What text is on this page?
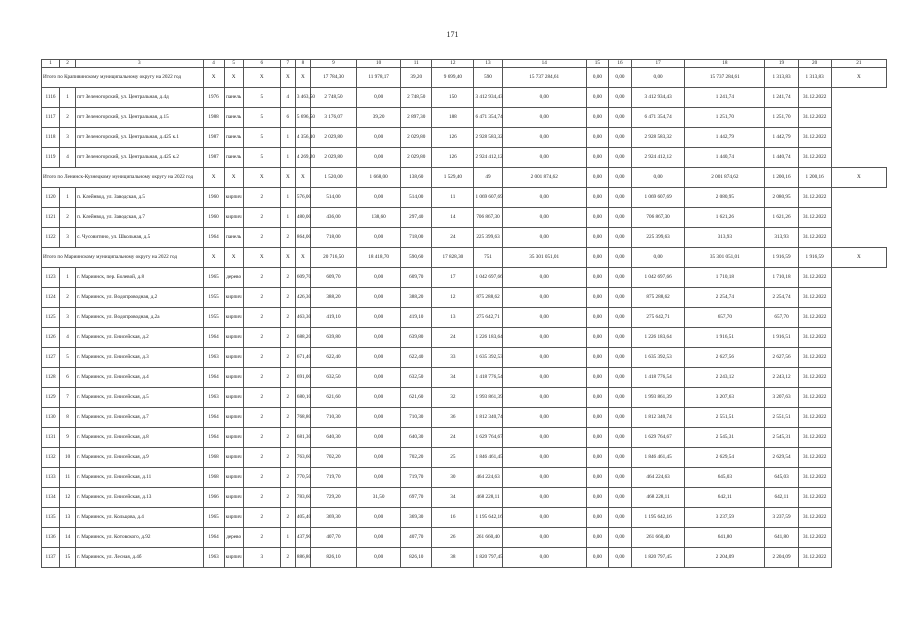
171
1	2	3	4	5	6	7	8	9	10	11	12	13	14	15	16	17	18	19	20	21
Итого по Крапивинскому муниципальному округу на 2022 год			X	X	X	X	X	17 784,30	11 978,17	39,20	9 699,40	590	15 737 284,61	0,00	0,00	0,00	15 737 284,61	1 313,83	1 313,83	X
1116	1	пгт Зеленогорский, ул. Центральная, д.4д	1976	панель	5	4	3 463,50	2 748,50	0,00	2 748,50	150	3 412 934,43	0,00	0,00	0,00	3 412 934,43	1 241,74	1 241,74	31.12.2022	
1117	2	пгт Зеленогорский, ул. Центральная, д.15	1988	панель	5	6	5 696,50	3 176,07	39,20	2 897,30	188	6 471 354,74	0,00	0,00	0,00	6 471 354,74	1 251,70	1 251,70	31.12.2022	
1118	3	пгт Зеленогорский, ул. Центральная, д.425 к.1	1987	панель	5	1	4 356,10	2 029,80	0,00	2 029,80	126	2 928 583,32	0,00	0,00	0,00	2 928 583,32	1 442,79	1 442,79	31.12.2022	
1119	4	пгт Зеленогорский, ул. Центральная, д.425 к.2	1987	панель	5	1	4 269,20	2 029,80	0,00	2 029,80	126	2 924 412,12	0,00	0,00	0,00	2 924 412,12	1 440,74	1 440,74	31.12.2022	
Итого по Ленинск-Кузнецкому муниципальному округу на 2022 год			X	X	X	X	X	1 520,00	1 668,00	138,60	1 529,40	49	2 001 874,62	0,00	0,00	0,00	2 001 874,62	1 200,16	1 200,16	X
1120	1	п. Клейнвод, ул. Заводская, д.5	1960	кирпич	2	1	576,00	514,00	0,00	514,00	11	1 069 607,69	0,00	0,00	0,00	1 069 607,69	2 080,95	2 080,95	31.12.2022	
1121	2	п. Клейнвод, ул. Заводская, д.7	1960	кирпич	2	1	480,00	436,00	138,60	297,40	14	706 867,30	0,00	0,00	0,00	706 867,30	1 621,26	1 621,26	31.12.2022	
1122	3	с. Чусовитино, ул. Школьная, д.5	1964	панель	2	2	864,00	718,00	0,00	718,00	24	225 399,63	0,00	0,00	0,00	225 399,63	313,93	313,93	31.12.2022	
Итого по Мариинскому муниципальному округу на 2022 год			X	X	X	X	X	20 716,50	18 418,70	590,60	17 828,30	751	35 301 051,01	0,00	0,00	0,00	35 301 051,01	1 916,59	1 916,59	X
1123	1	г. Мариинск, пер. Болевой, д.8	1965	дерево	2	2	609,70	609,70	0,00	609,70	17	1 042 697,66	0,00	0,00	0,00	1 042 697,66	1 710,18	1 710,18	31.12.2022	
1124	2	г. Мариинск, ул. Водопроводная, д.2	1955	кирпич	2	2	426,30	388,20	0,00	388,20	12	875 288,62	0,00	0,00	0,00	875 288,62	2 254,74	2 254,74	31.12.2022	
1125	3	г. Мариинск, ул. Водопроводная, д.2а	1955	кирпич	2	2	463,30	419,10	0,00	419,10	13	275 642,71	0,00	0,00	0,00	275 642,71	657,70	657,70	31.12.2022	
1126	4	г. Мариинск, ул. Енисейская, д.2	1964	кирпич	2	2	688,20	639,80	0,00	639,80	24	1 226 183,64	0,00	0,00	0,00	1 226 183,64	1 916,51	1 916,51	31.12.2022	
1127	5	г. Мариинск, ул. Енисейская, д.3	1963	кирпич	2	2	671,40	622,40	0,00	622,40	33	1 635 392,53	0,00	0,00	0,00	1 635 392,53	2 627,56	2 627,56	31.12.2022	
1128	6	г. Мариинск, ул. Енисейская, д.4	1964	кирпич	2	2	691,00	632,50	0,00	632,50	34	1 418 776,54	0,00	0,00	0,00	1 418 776,54	2 243,12	2 243,12	31.12.2022	
1129	7	г. Мариинск, ул. Енисейская, д.5	1963	кирпич	2	2	680,10	621,60	0,00	621,60	32	1 993 861,39	0,00	0,00	0,00	1 993 861,39	3 207,63	3 207,63	31.12.2022	
1130	8	г. Мариинск, ул. Енисейская, д.7	1964	кирпич	2	2	768,80	710,30	0,00	710,30	36	1 812 340,74	0,00	0,00	0,00	1 812 340,74	2 551,51	2 551,51	31.12.2022	
1131	9	г. Мариинск, ул. Енисейская, д.8	1964	кирпич	2	2	681,30	640,30	0,00	640,30	24	1 629 764,67	0,00	0,00	0,00	1 629 764,67	2 545,31	2 545,31	31.12.2022	
1132	10	г. Мариинск, ул. Енисейская, д.9	1968	кирпич	2	2	763,60	702,20	0,00	702,20	25	1 846 461,45	0,00	0,00	0,00	1 846 461,45	2 629,54	2 629,54	31.12.2022	
1133	11	г. Мариинск, ул. Енисейская, д.11	1968	кирпич	2	2	770,50	719,70	0,00	719,70	30	464 224,63	0,00	0,00	0,00	464 224,63	645,03	645,03	31.12.2022	
1134	12	г. Мариинск, ул. Енисейская, д.13	1966	кирпич	2	2	783,60	729,20	31,50	697,70	34	468 228,11	0,00	0,00	0,00	468 228,11	642,11	642,11	31.12.2022	
1135	13	г. Мариинск, ул. Кольцова, д.4	1965	кирпич	2	2	405,40	369,30	0,00	369,30	16	1 195 642,16	0,00	0,00	0,00	1 195 642,16	3 237,59	3 237,59	31.12.2022	
1136	14	г. Мариинск, ул. Котовского, д.92	1964	дерево	2	1	437,90	407,70	0,00	407,70	26	261 660,40	0,00	0,00	0,00	261 660,40	641,80	641,80	31.12.2022	
1137	15	г. Мариинск, ул. Лесная, д.4б	1963	кирпич	3	2	886,80	826,10	0,00	826,10	38	1 820 797,45	0,00	0,00	0,00	1 820 797,45	2 204,09	2 204,09	31.12.2022	
